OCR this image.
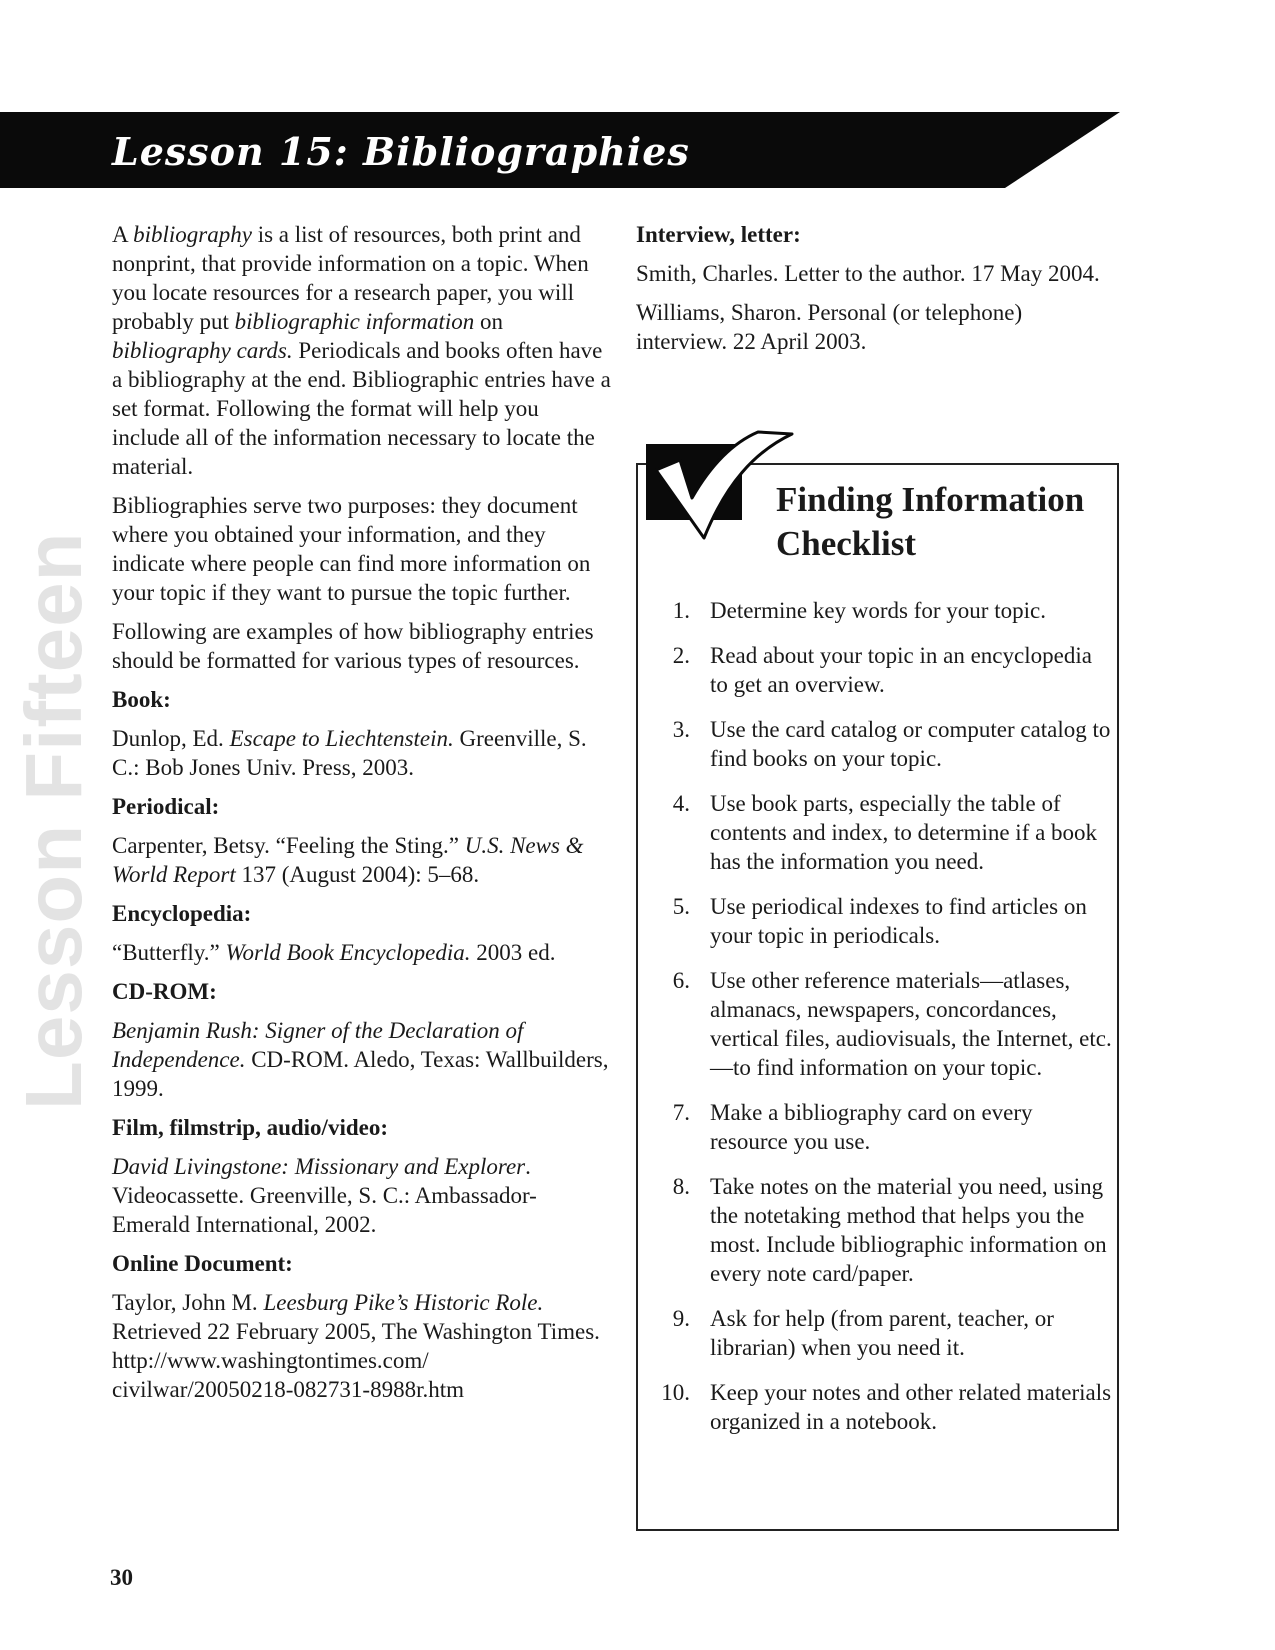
Lesson 15: Bibliographies
Lesson Fifteen

A bibliography is a list of resources, both print and nonprint, that provide information on a topic. When you locate resources for a research paper, you will probably put bibliographic information on bibliography cards. Periodicals and books often have a bibliography at the end. Bibliographic entries have a set format. Following the format will help you include all of the information necessary to locate the material.

Bibliographies serve two purposes: they document where you obtained your information, and they indicate where people can find more information on your topic if they want to pursue the topic further.

Following are examples of how bibliography entries should be formatted for various types of resources.

Book:

Dunlop, Ed. Escape to Liechtenstein. Greenville, S. C.: Bob Jones Univ. Press, 2003.

Periodical:

Carpenter, Betsy. “Feeling the Sting.” U.S. News & World Report 137 (August 2004): 5–68.

Encyclopedia:

“Butterfly.” World Book Encyclopedia. 2003 ed.

CD-ROM:

Benjamin Rush: Signer of the Declaration of Independence. CD-ROM. Aledo, Texas: Wallbuilders, 1999.

Film, filmstrip, audio/video:

David Livingstone: Missionary and Explorer. Videocassette. Greenville, S. C.: Ambassador-Emerald International, 2002.

Online Document:

Taylor, John M. Leesburg Pike’s Historic Role. Retrieved 22 February 2005, The Washington Times. http://www.washingtontimes.com/ civilwar/20050218-082731-8988r.htm

Interview, letter:

Smith, Charles. Letter to the author. 17 May 2004.

Williams, Sharon. Personal (or telephone) interview. 22 April 2003.

Finding Information Checklist
1. Determine key words for your topic.
2. Read about your topic in an encyclopedia to get an overview.
3. Use the card catalog or computer catalog to find books on your topic.
4. Use book parts, especially the table of contents and index, to determine if a book has the information you need.
5. Use periodical indexes to find articles on your topic in periodicals.
6. Use other reference materials—atlases, almanacs, newspapers, concordances, vertical files, audiovisuals, the Internet, etc.—to find information on your topic.
7. Make a bibliography card on every resource you use.
8. Take notes on the material you need, using the notetaking method that helps you the most. Include bibliographic information on every note card/paper.
9. Ask for help (from parent, teacher, or librarian) when you need it.
10. Keep your notes and other related materials organized in a notebook.
30
